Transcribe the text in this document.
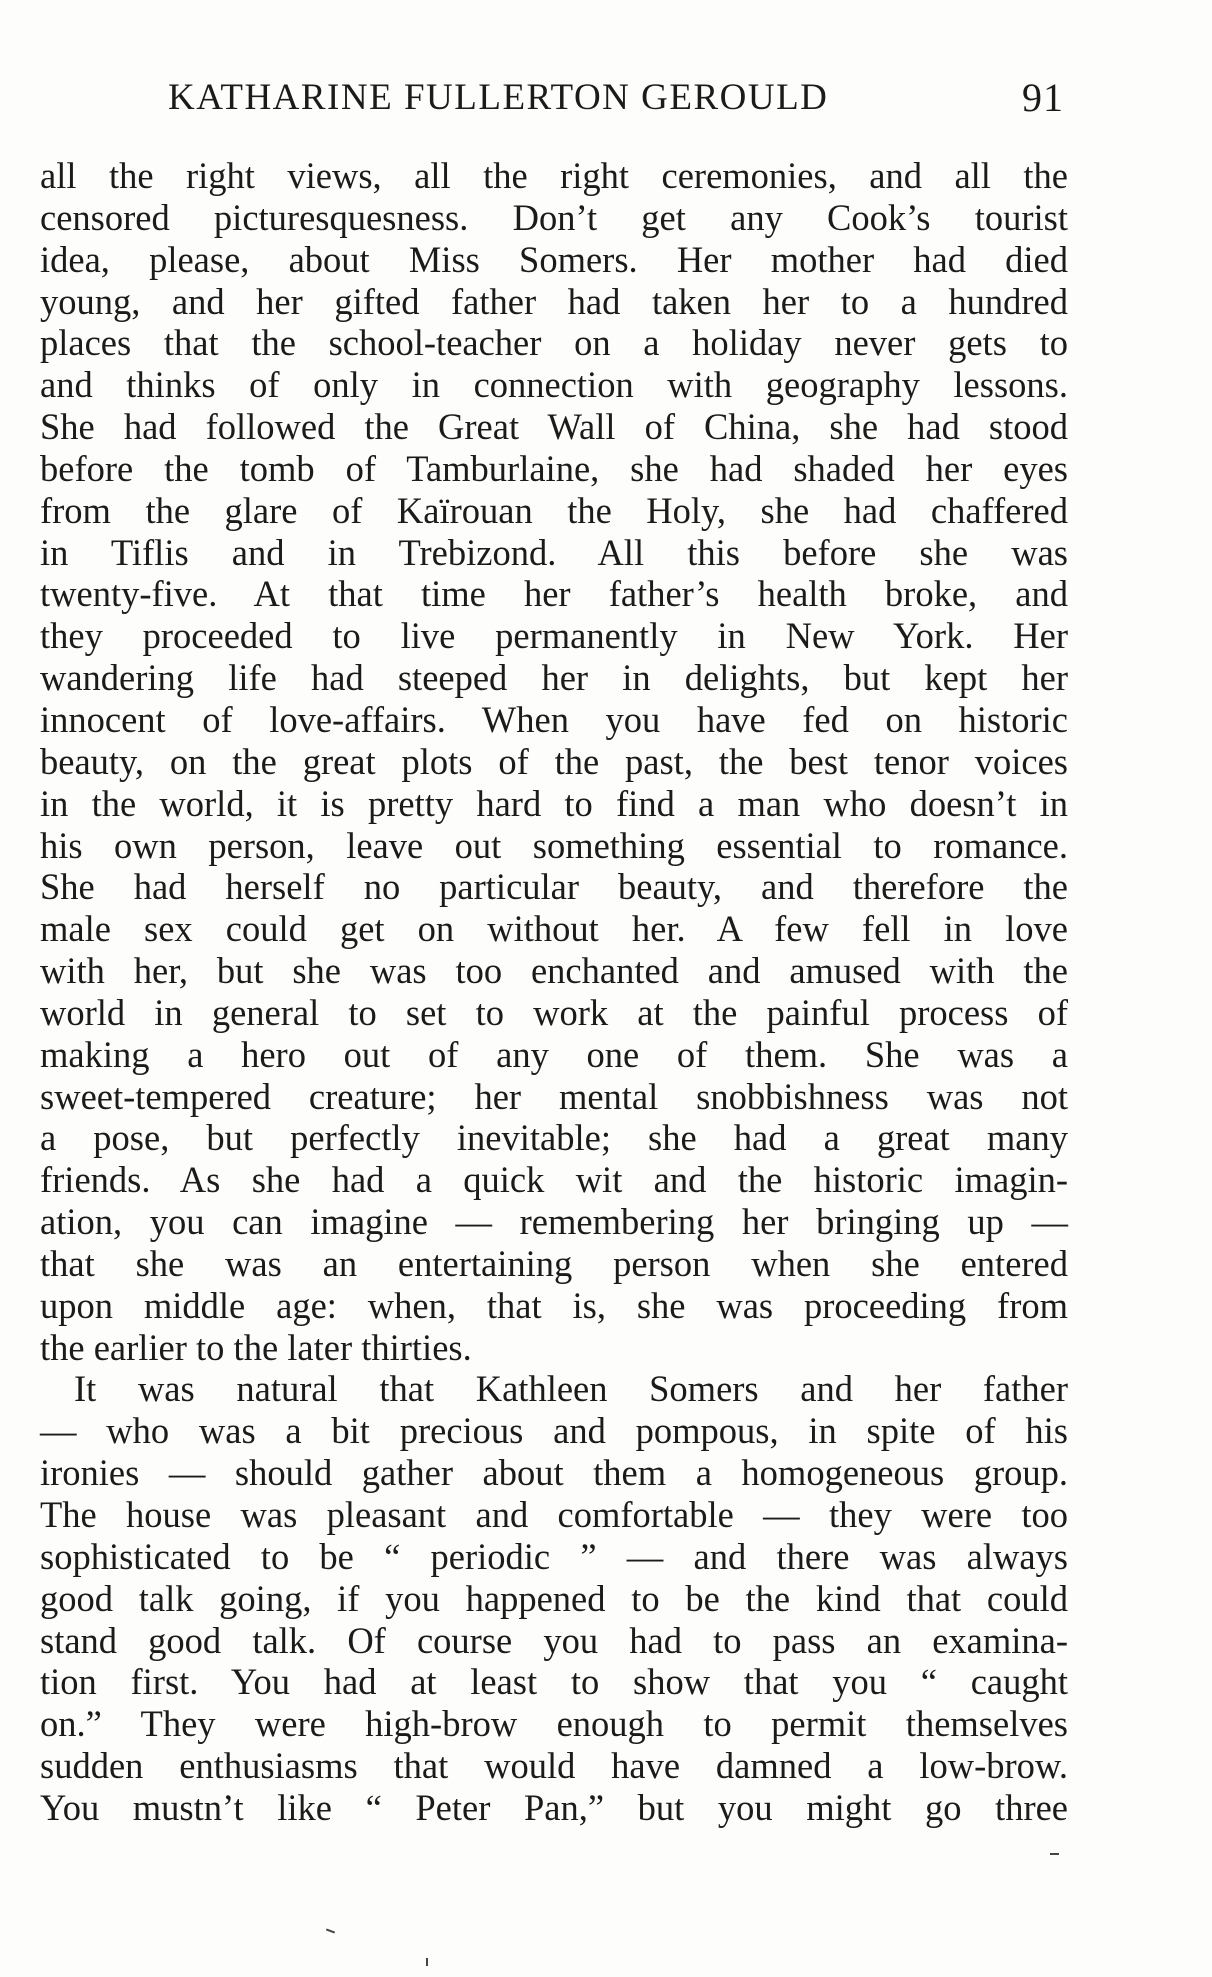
KATHARINE FULLERTON GEROULD	91
all the right views, all the right ceremonies, and all the
censored picturesquesness. Don’t get any Cook’s tourist
idea, please, about Miss Somers. Her mother had died
young, and her gifted father had taken her to a hundred
places that the school-teacher on a holiday never gets to
and thinks of only in connection with geography lessons.
She had followed the Great Wall of China, she had stood
before the tomb of Tamburlaine, she had shaded her eyes
from the glare of Kaïrouan the Holy, she had chaffered
in Tiflis and in Trebizond. All this before she was
twenty-five. At that time her father’s health broke, and
they proceeded to live permanently in New York. Her
wandering life had steeped her in delights, but kept her
innocent of love-affairs. When you have fed on historic
beauty, on the great plots of the past, the best tenor voices
in the world, it is pretty hard to find a man who doesn’t in
his own person, leave out something essential to romance.
She had herself no particular beauty, and therefore the
male sex could get on without her. A few fell in love
with her, but she was too enchanted and amused with the
world in general to set to work at the painful process of
making a hero out of any one of them. She was a
sweet-tempered creature; her mental snobbishness was not
a pose, but perfectly inevitable; she had a great many
friends. As she had a quick wit and the historic imagin-
ation, you can imagine — remembering her bringing up —
that she was an entertaining person when she entered
upon middle age: when, that is, she was proceeding from
the earlier to the later thirties.
It was natural that Kathleen Somers and her father
— who was a bit precious and pompous, in spite of his
ironies — should gather about them a homogeneous group.
The house was pleasant and comfortable — they were too
sophisticated to be “ periodic ” — and there was always
good talk going, if you happened to be the kind that could
stand good talk. Of course you had to pass an examina-
tion first. You had at least to show that you “ caught
on.” They were high-brow enough to permit themselves
sudden enthusiasms that would have damned a low-brow.
You mustn’t like “ Peter Pan,” but you might go three
